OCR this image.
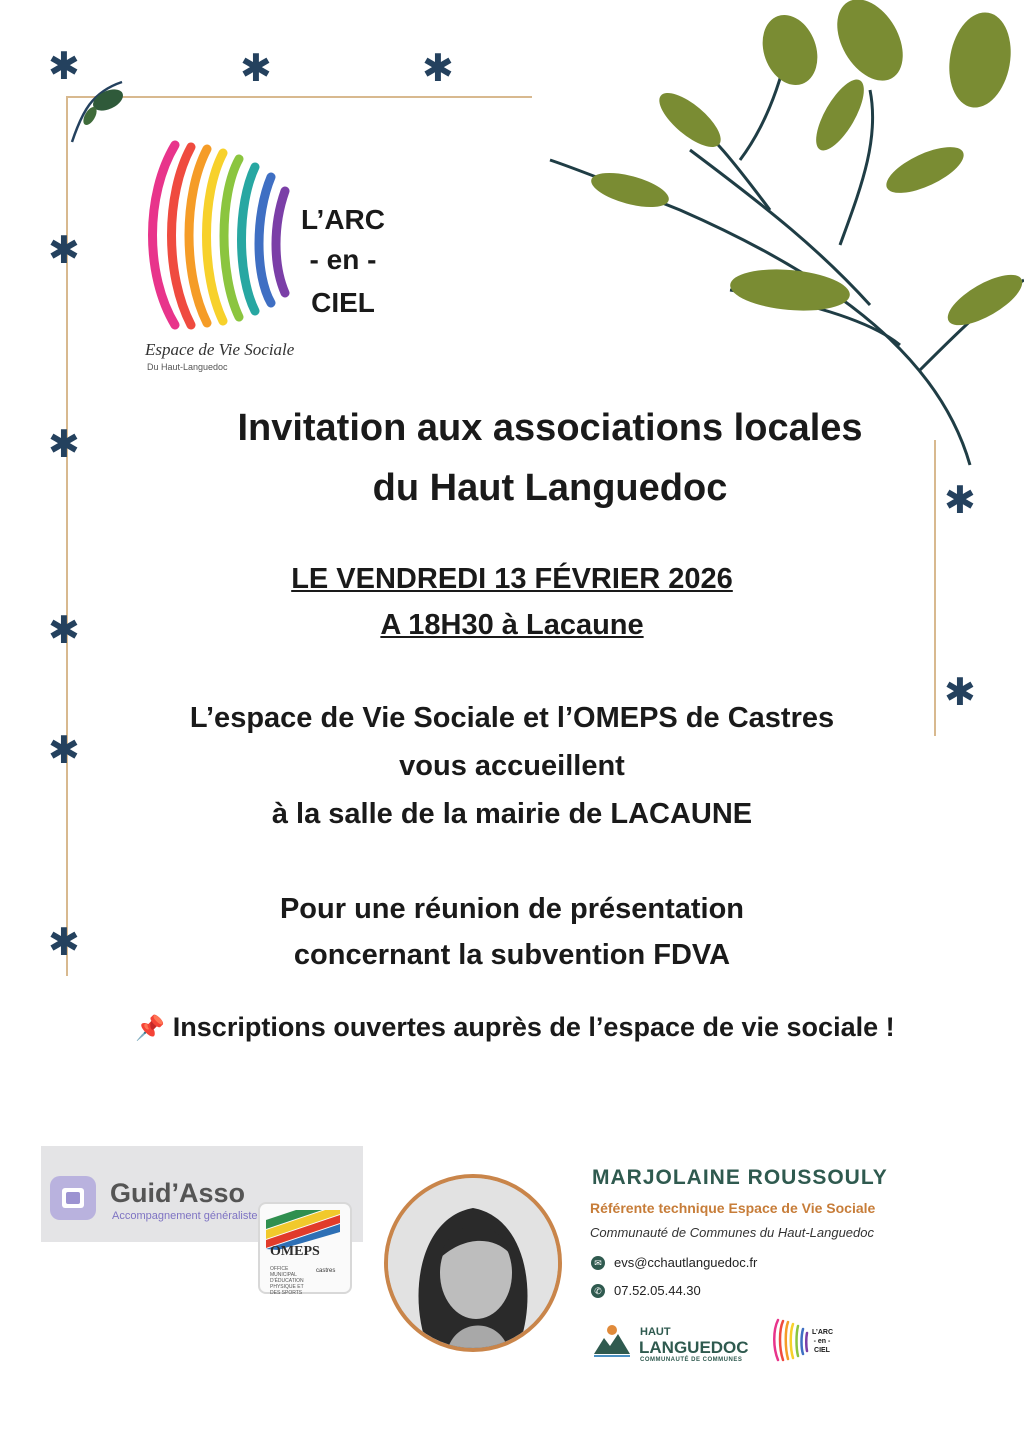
✱	✱	✱
✱
✱
✱
✱
✱
✱
✱
L’ARC
- en -
CIEL
Espace de Vie Sociale
Du Haut-Languedoc
Invitation aux associations locales
du Haut Languedoc
LE VENDREDI 13 FÉVRIER 2026
A 18H30 à Lacaune
L’espace de Vie Sociale et l’OMEPS de Castres
vous accueillent
à la salle de la mairie de LACAUNE
Pour une réunion de présentation
concernant la subvention FDVA
📌 Inscriptions ouvertes auprès de l’espace de vie sociale !
Guid’Asso
Accompagnement généraliste
OMEPS
OFFICE MUNICIPAL D'ÉDUCATION PHYSIQUE ET DES SPORTS
castres
MARJOLAINE ROUSSOULY
Référente technique Espace de Vie Sociale
Communauté de Communes du Haut-Languedoc
✉ evs@cchautlanguedoc.fr
✆ 07.52.05.44.30
HAUT
LANGUEDOC
COMMUNAUTÉ DE COMMUNES
L’ARC
- en -
CIEL
